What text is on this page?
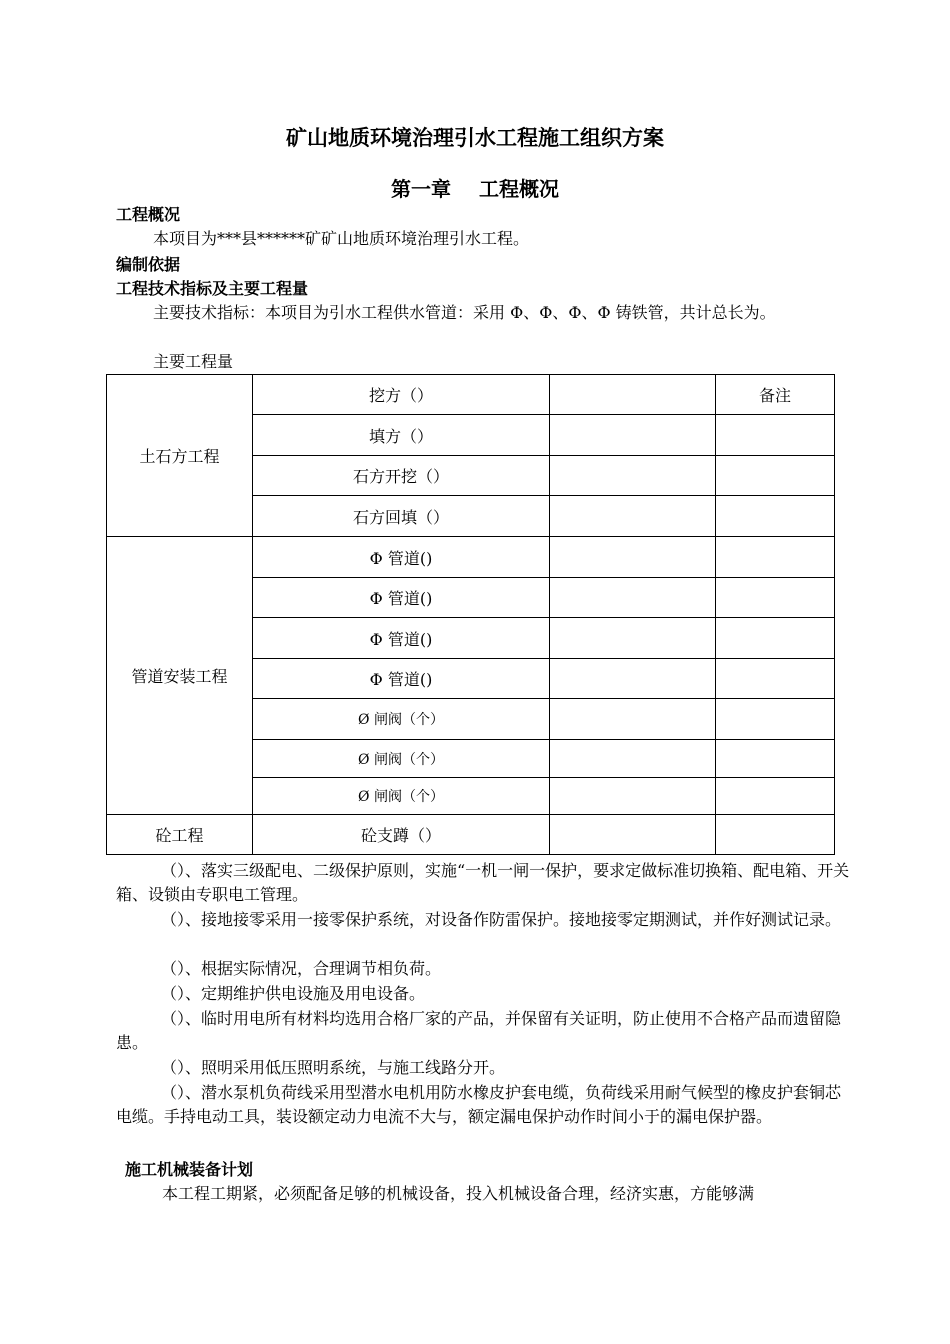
矿山地质环境治理引水工程施工组织方案
第一章 工程概况
工程概况
本项目为***县******矿矿山地质环境治理引水工程。
编制依据
工程技术指标及主要工程量
主要技术指标：本项目为引水工程供水管道：采用 Φ、Φ、Φ、Φ 铸铁管，共计总长为。
主要工程量
土石方工程	挖方（）		备注
	填方（）		
	石方开挖（）		
	石方回填（）		
管道安装工程	Φ 管道()		
	Φ 管道()		
	Φ 管道()		
	Φ 管道()		
	Ø 闸阀（个）		
	Ø 闸阀（个）		
	Ø 闸阀（个）		
砼工程	砼支蹲（）		
（）、落实三级配电、二级保护原则，实施“一机一闸一保护，要求定做标准切换箱、配电箱、开关箱、设锁由专职电工管理。
（）、接地接零采用一接零保护系统，对设备作防雷保护。接地接零定期测试，并作好测试记录。
（）、根据实际情况，合理调节相负荷。
（）、定期维护供电设施及用电设备。
（）、临时用电所有材料均选用合格厂家的产品，并保留有关证明，防止使用不合格产品而遗留隐患。
（）、照明采用低压照明系统，与施工线路分开。
（）、潜水泵机负荷线采用型潜水电机用防水橡皮护套电缆，负荷线采用耐气候型的橡皮护套铜芯电缆。手持电动工具，装设额定动力电流不大与，额定漏电保护动作时间小于的漏电保护器。
施工机械装备计划
本工程工期紧，必须配备足够的机械设备，投入机械设备合理，经济实惠，方能够满
